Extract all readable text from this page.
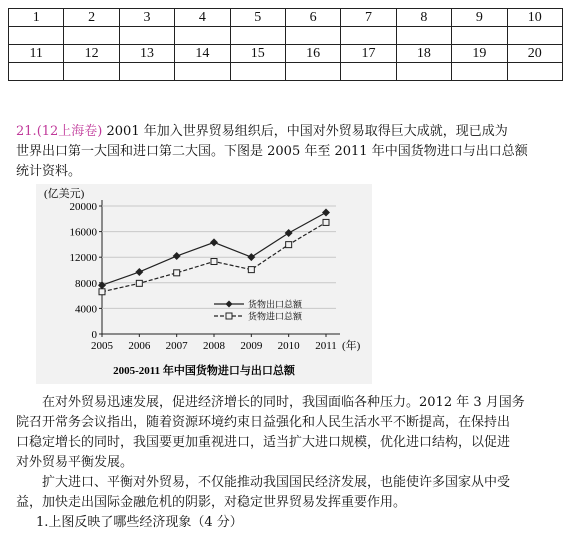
1	2	3	4	5	6	7	8	9	10

11	12	13	14	15	16	17	18	19	20

21.(12上海卷) 2001 年加入世界贸易组织后，中国对外贸易取得巨大成就，现已成为
世界出口第一大国和进口第二大国。下图是 2005 年至 2011 年中国货物进口与出口总额
统计资料。
(亿美元)
(年)
2005-2011 年中国货物进口与出口总额
0
4000
8000
12000
16000
20000
2005 2006 2007 2008 2009 2010 2011
货物出口总额
货物进口总额
在对外贸易迅速发展，促进经济增长的同时，我国面临各种压力。2012 年 3 月国务
院召开常务会议指出，随着资源环境约束日益强化和人民生活水平不断提高，在保持出
口稳定增长的同时，我国要更加重视进口，适当扩大进口规模，优化进口结构，以促进
对外贸易平衡发展。
扩大进口、平衡对外贸易，不仅能推动我国国民经济发展，也能使许多国家从中受
益，加快走出国际金融危机的阴影，对稳定世界贸易发挥重要作用。
1.上图反映了哪些经济现象（4 分）
